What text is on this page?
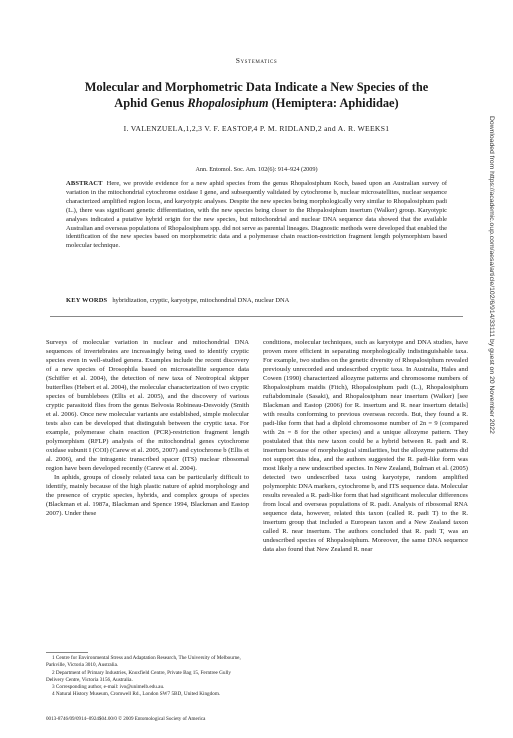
Systematics
Molecular and Morphometric Data Indicate a New Species of the
Aphid Genus Rhopalosiphum (Hemiptera: Aphididae)
I. VALENZUELA,1,2,3 V. F. EASTOP,4 P. M. RIDLAND,2 and A. R. WEEKS1
Ann. Entomol. Soc. Am. 102(6): 914–924 (2009)

ABSTRACT Here, we provide evidence for a new aphid species from the genus Rhopalosiphum Koch, based upon an Australian survey of variation in the mitochondrial cytochrome oxidase I gene, and subsequently validated by cytochrome b, nuclear microsatellites, nuclear sequence characterized amplified region locus, and karyotypic analyses. Despite the new species being morphologically very similar to Rhopalosiphum padi (L.), there was significant genetic differentiation, with the new species being closer to the Rhopalosiphum insertum (Walker) group. Karyotypic analyses indicated a putative hybrid origin for the new species, but mitochondrial and nuclear DNA sequence data showed that the available Australian and overseas populations of Rhopalosiphum spp. did not serve as parental lineages. Diagnostic methods were developed that enabled the identification of the new species based on morphometric data and a polymerase chain reaction-restriction fragment length polymorphism based molecular technique.

KEY WORDS hybridization, cryptic, karyotype, mitochondrial DNA, nuclear DNA

Surveys of molecular variation in nuclear and mitochondrial DNA sequences of invertebrates are increasingly being used to identify cryptic species even in well-studied genera. Examples include the recent discovery of a new species of Drosophila based on microsatellite sequence data (Schiffer et al. 2004), the detection of new taxa of Neotropical skipper butterflies (Hebert et al. 2004), the molecular characterization of two cryptic species of bumblebees (Ellis et al. 2005), and the discovery of various cryptic parasitoid flies from the genus Belvosia Robineau-Desvoidy (Smith et al. 2006). Once new molecular variants are established, simple molecular tests also can be developed that distinguish between the cryptic taxa. For example, polymerase chain reaction (PCR)-restriction fragment length polymorphism (RFLP) analysis of the mitochondrial genes cytochrome oxidase subunit I (COI) (Carew et al. 2005, 2007) and cytochrome b (Ellis et al. 2006), and the intragenic transcribed spacer (ITS) nuclear ribosomal region have been developed recently (Carew et al. 2004).

In aphids, groups of closely related taxa can be particularly difficult to identify, mainly because of the high plastic nature of aphid morphology and the presence of cryptic species, hybrids, and complex groups of species (Blackman et al. 1987a, Blackman and Spence 1994, Blackman and Eastop 2007). Under these

conditions, molecular techniques, such as karyotype and DNA studies, have proven more efficient in separating morphologically indistinguishable taxa. For example, two studies on the genetic diversity of Rhopalosiphum revealed previously unrecorded and undescribed cryptic taxa. In Australia, Hales and Cowen (1990) characterized allozyme patterns and chromosome numbers of Rhopalosiphum maidis (Fitch), Rhopalosiphum padi (L.), Rhopalosiphum rufiabdominale (Sasaki), and Rhopalosiphum near insertum (Walker) [see Blackman and Eastop (2006) for R. insertum and R. near insertum details] with results conforming to previous overseas records. But, they found a R. padi-like form that had a diploid chromosome number of 2n = 9 (compared with 2n = 8 for the other species) and a unique allozyme pattern. They postulated that this new taxon could be a hybrid between R. padi and R. insertum because of morphological similarities, but the allozyme patterns did not support this idea, and the authors suggested the R. padi-like form was most likely a new undescribed species. In New Zealand, Bulman et al. (2005) detected two undescribed taxa using karyotype, random amplified polymorphic DNA markers, cytochrome b, and ITS sequence data. Molecular results revealed a R. padi-like form that had significant molecular differences from local and overseas populations of R. padi. Analysis of ribosomal RNA sequence data, however, related this taxon (called R. padi T) to the R. insertum group that included a European taxon and a New Zealand taxon called R. near insertum. The authors concluded that R. padi T, was an undescribed species of Rhopalosiphum. Moreover, the same DNA sequence data also found that New Zealand R. near

1 Centre for Environmental Stress and Adaptation Research, The University of Melbourne, Parkville, Victoria 3010, Australia.

2 Department of Primary Industries, Knoxfield Centre, Private Bag 15, Ferntree Gully Delivery Centre, Victoria 3156, Australia.

3 Corresponding author, e-mail: ivo@unimelb.edu.au.

4 Natural History Museum, Cromwell Rd., London SW7 5BD, United Kingdom.

0013-8746/09/0914–0924$04.00/0 © 2009 Entomological Society of America
Downloaded from https://academic.oup.com/aesa/article/102/6/914/33111 by guest on 20 November 2022
